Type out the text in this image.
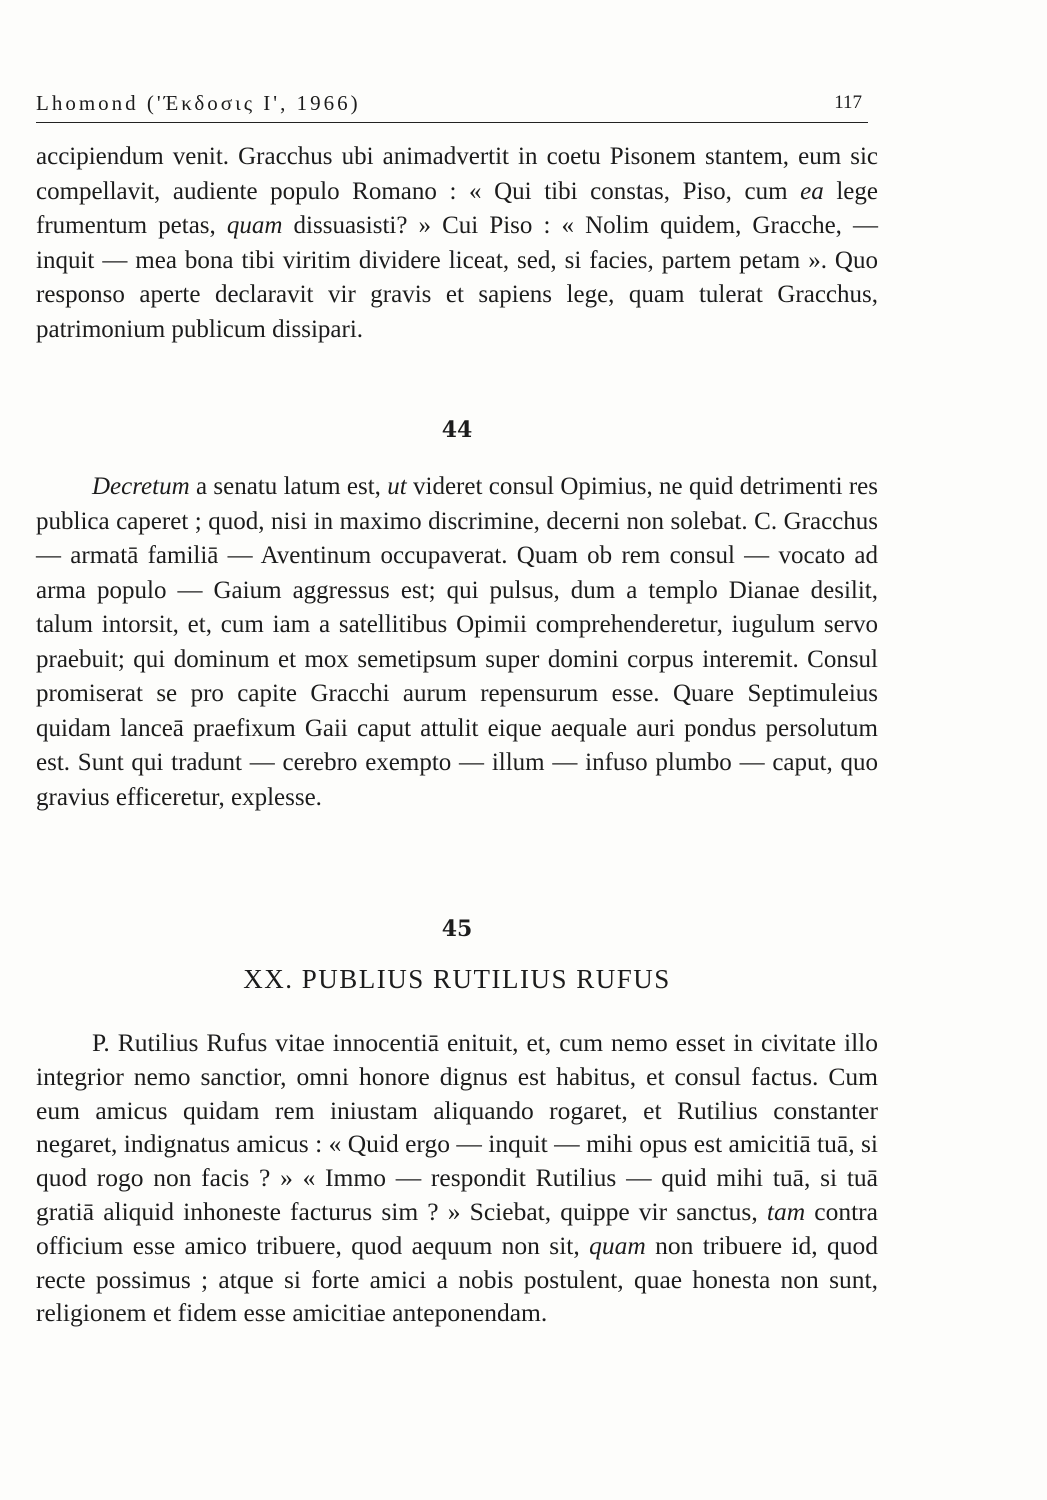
Lhomond ('Έκδοσις Ι', 1966)	117

accipiendum venit. Gracchus ubi animadvertit in coetu Pisonem stantem, eum sic compellavit, audiente populo Romano : « Qui tibi constas, Piso, cum ea lege frumentum petas, quam dissuasisti? » Cui Piso : « Nolim quidem, Gracche, — inquit — mea bona tibi viritim dividere liceat, sed, si facies, partem petam ». Quo responso aperte declaravit vir gravis et sapiens lege, quam tulerat Gracchus, patrimonium publicum dissipari.

44

Decretum a senatu latum est, ut videret consul Opimius, ne quid detrimenti res publica caperet ; quod, nisi in maximo discrimine, decerni non solebat. C. Gracchus — armatā familiā — Aventinum occupaverat. Quam ob rem consul — vocato ad arma populo — Gaium aggressus est; qui pulsus, dum a templo Dianae desilit, talum intorsit, et, cum iam a satellitibus Opimii comprehenderetur, iugulum servo praebuit; qui dominum et mox semetipsum super domini corpus interemit. Consul promiserat se pro capite Gracchi aurum repensurum esse. Quare Septimuleius quidam lanceā praefixum Gaii caput attulit eique aequale auri pondus persolutum est. Sunt qui tradunt — cerebro exempto — illum — infuso plumbo — caput, quo gravius efficeretur, explesse.

45
XX. PUBLIUS RUTILIUS RUFUS

P. Rutilius Rufus vitae innocentiā enituit, et, cum nemo esset in civitate illo integrior nemo sanctior, omni honore dignus est habitus, et consul factus. Cum eum amicus quidam rem iniustam aliquando rogaret, et Rutilius constanter negaret, indignatus amicus : « Quid ergo — inquit — mihi opus est amicitiā tuā, si quod rogo non facis ? » « Immo — respondit Rutilius — quid mihi tuā, si tuā gratiā aliquid inhoneste facturus sim ? » Sciebat, quippe vir sanctus, tam contra officium esse amico tribuere, quod aequum non sit, quam non tribuere id, quod recte possimus ; atque si forte amici a nobis postulent, quae honesta non sunt, religionem et fidem esse amicitiae anteponendam.
